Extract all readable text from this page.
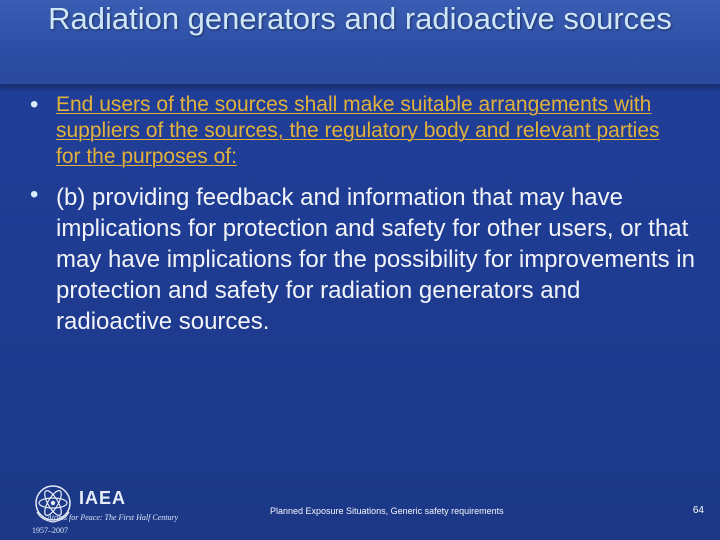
Radiation generators and radioactive sources
• End users of the sources shall make suitable arrangements with suppliers of the sources, the regulatory body and relevant parties for the purposes of:
• (b) providing feedback and information that may have implications for protection and safety for other users, or that may have implications for the possibility for improvements in protection and safety for radiation generators and radioactive sources.
IAEA
Atoms for Peace: The First Half Century
1957–2007
Planned Exposure Situations, Generic safety requirements	64
